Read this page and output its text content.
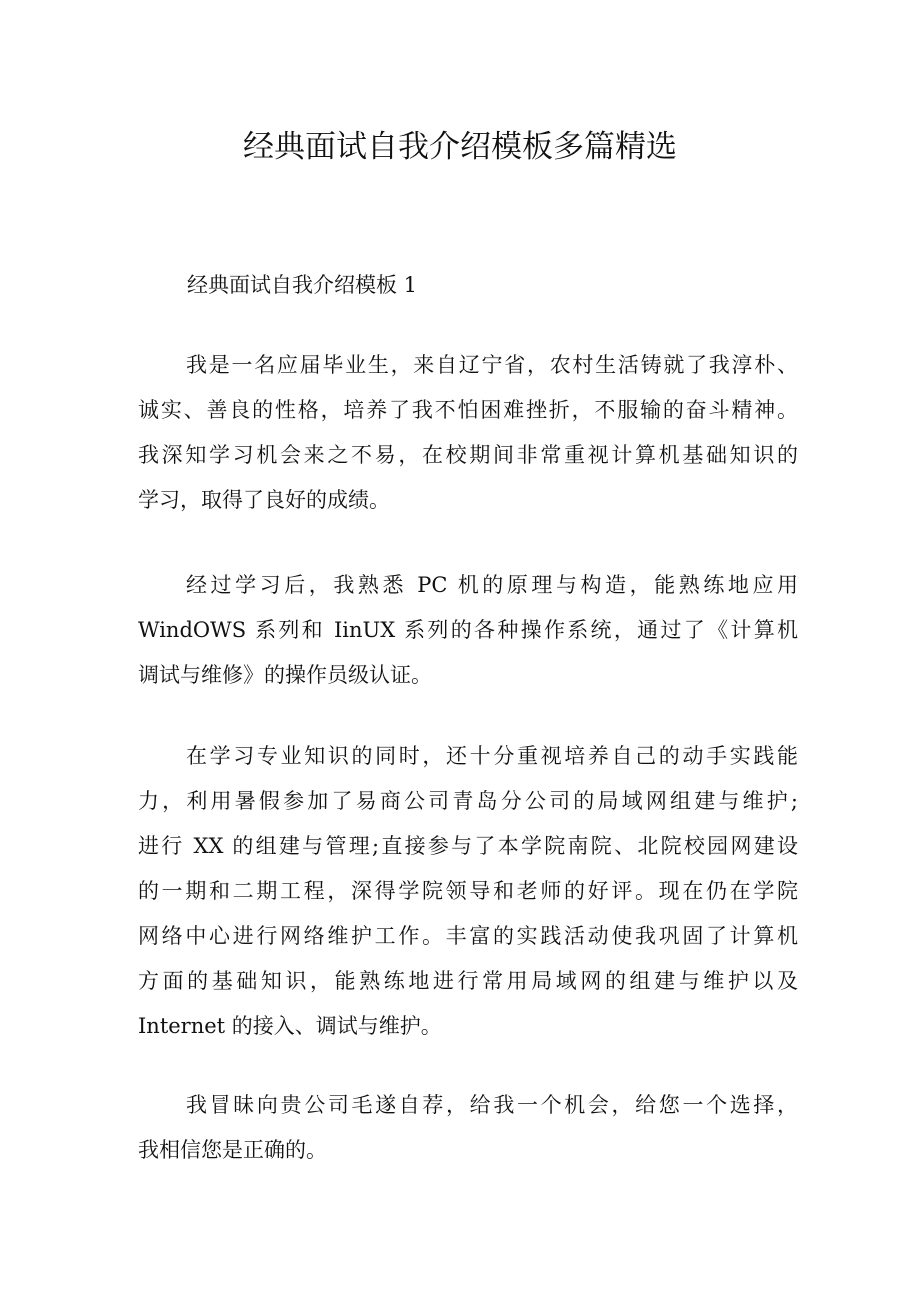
经典面试自我介绍模板多篇精选
经典面试自我介绍模板 1
我是一名应届毕业生，来自辽宁省，农村生活铸就了我淳朴、
诚实、善良的性格，培养了我不怕困难挫折，不服输的奋斗精神。
我深知学习机会来之不易，在校期间非常重视计算机基础知识的
学习，取得了良好的成绩。
经过学习后，我熟悉 PC 机的原理与构造，能熟练地应用
WindOWS 系列和 IinUX 系列的各种操作系统，通过了《计算机
调试与维修》的操作员级认证。
在学习专业知识的同时，还十分重视培养自己的动手实践能
力，利用暑假参加了易商公司青岛分公司的局域网组建与维护;
进行 XX 的组建与管理;直接参与了本学院南院、北院校园网建设
的一期和二期工程，深得学院领导和老师的好评。现在仍在学院
网络中心进行网络维护工作。丰富的实践活动使我巩固了计算机
方面的基础知识，能熟练地进行常用局域网的组建与维护以及
Internet 的接入、调试与维护。
我冒昧向贵公司毛遂自荐，给我一个机会，给您一个选择，
我相信您是正确的。
